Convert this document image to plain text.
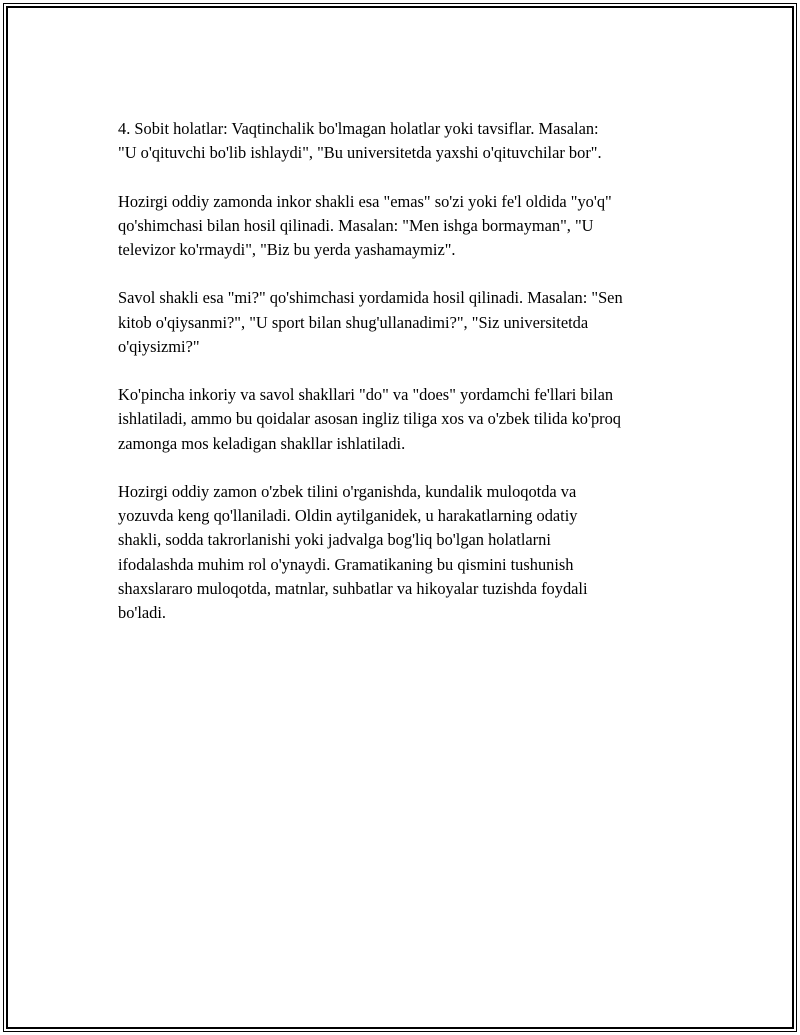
4. Sobit holatlar: Vaqtinchalik bo'lmagan holatlar yoki tavsiflar. Masalan:
"U o'qituvchi bo'lib ishlaydi", "Bu universitetda yaxshi o'qituvchilar bor".

Hozirgi oddiy zamonda inkor shakli esa "emas" so'zi yoki fe'l oldida "yo'q"
qo'shimchasi bilan hosil qilinadi. Masalan: "Men ishga bormayman", "U
televizor ko'rmaydi", "Biz bu yerda yashamaymiz".

Savol shakli esa "mi?" qo'shimchasi yordamida hosil qilinadi. Masalan: "Sen
kitob o'qiysanmi?", "U sport bilan shug'ullanadimi?", "Siz universitetda
o'qiysizmi?"

Ko'pincha inkoriy va savol shakllari "do" va "does" yordamchi fe'llari bilan
ishlatiladi, ammo bu qoidalar asosan ingliz tiliga xos va o'zbek tilida ko'proq
zamonga mos keladigan shakllar ishlatiladi.

Hozirgi oddiy zamon o'zbek tilini o'rganishda, kundalik muloqotda va
yozuvda keng qo'llaniladi. Oldin aytilganidek, u harakatlarning odatiy
shakli, sodda takrorlanishi yoki jadvalga bog'liq bo'lgan holatlarni
ifodalashda muhim rol o'ynaydi. Gramatikaning bu qismini tushunish
shaxslararo muloqotda, matnlar, suhbatlar va hikoyalar tuzishda foydali
bo'ladi.
